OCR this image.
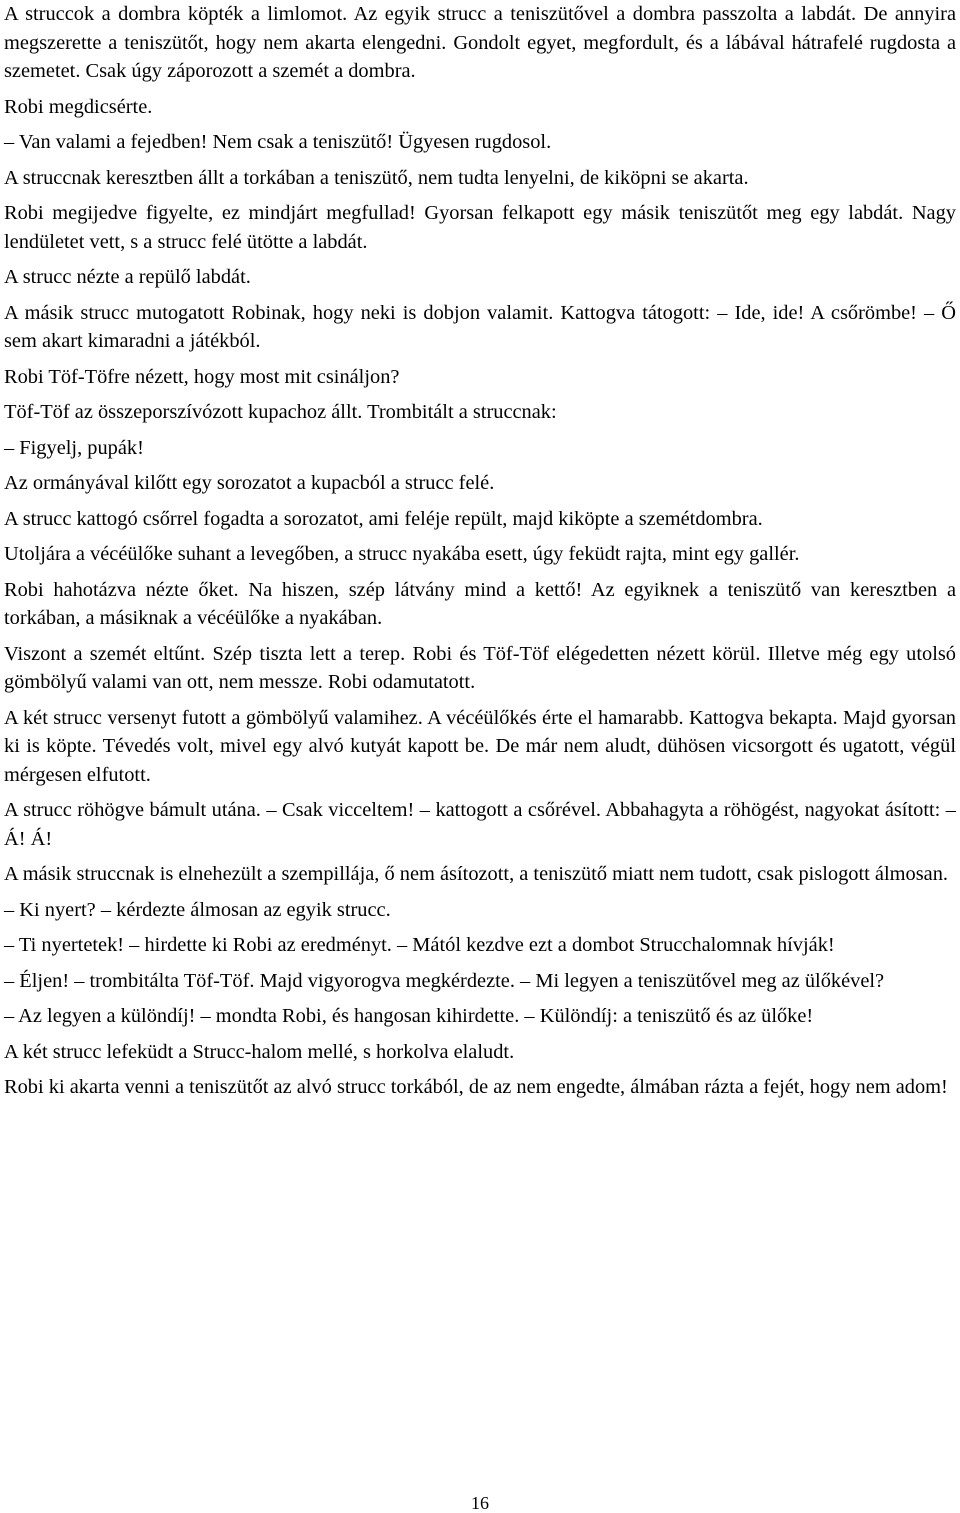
A struccok a dombra köpték a limlomot. Az egyik strucc a teniszütővel a dombra passzolta a labdát. De annyira megszerette a teniszütőt, hogy nem akarta elengedni. Gondolt egyet, megfordult, és a lábával hátrafelé rugdosta a szemetet. Csak úgy záporozott a szemét a dombra.

Robi megdicsérte.

– Van valami a fejedben! Nem csak a teniszütő! Ügyesen rugdosol.

A struccnak keresztben állt a torkában a teniszütő, nem tudta lenyelni, de kiköpni se akarta.

Robi megijedve figyelte, ez mindjárt megfullad! Gyorsan felkapott egy másik teniszütőt meg egy labdát. Nagy lendületet vett, s a strucc felé ütötte a labdát.

A strucc nézte a repülő labdát.

A másik strucc mutogatott Robinak, hogy neki is dobjon valamit. Kattogva tátogott: – Ide, ide! A csőrömbe! – Ő sem akart kimaradni a játékból.

Robi Töf-Töfre nézett, hogy most mit csináljon?

Töf-Töf az összeporszívózott kupachoz állt. Trombitált a struccnak:

– Figyelj, pupák!

Az ormányával kilőtt egy sorozatot a kupacból a strucc felé.

A strucc kattogó csőrrel fogadta a sorozatot, ami feléje repült, majd kiköpte a szemétdombra.

Utoljára a vécéülőke suhant a levegőben, a strucc nyakába esett, úgy feküdt rajta, mint egy gallér.

Robi hahotázva nézte őket. Na hiszen, szép látvány mind a kettő! Az egyiknek a teniszütő van keresztben a torkában, a másiknak a vécéülőke a nyakában.

Viszont a szemét eltűnt. Szép tiszta lett a terep. Robi és Töf-Töf elégedetten nézett körül. Illetve még egy utolsó gömbölyű valami van ott, nem messze. Robi odamutatott.

A két strucc versenyt futott a gömbölyű valamihez. A vécéülőkés érte el hamarabb. Kattogva bekapta. Majd gyorsan ki is köpte. Tévedés volt, mivel egy alvó kutyát kapott be. De már nem aludt, dühösen vicsorgott és ugatott, végül mérgesen elfutott.

A strucc röhögve bámult utána. – Csak vicceltem! – kattogott a csőrével. Abbahagyta a röhögést, nagyokat ásított: – Á! Á!

A másik struccnak is elnehezült a szempillája, ő nem ásítozott, a teniszütő miatt nem tudott, csak pislogott álmosan.

– Ki nyert? – kérdezte álmosan az egyik strucc.

– Ti nyertetek! – hirdette ki Robi az eredményt. – Mától kezdve ezt a dombot Strucchalomnak hívják!

– Éljen! – trombitálta Töf-Töf. Majd vigyorogva megkérdezte. – Mi legyen a teniszütővel meg az ülőkével?

– Az legyen a különdíj! – mondta Robi, és hangosan kihirdette. – Különdíj: a teniszütő és az ülőke!

A két strucc lefeküdt a Strucc-halom mellé, s horkolva elaludt.

Robi ki akarta venni a teniszütőt az alvó strucc torkából, de az nem engedte, álmában rázta a fejét, hogy nem adom!

16
